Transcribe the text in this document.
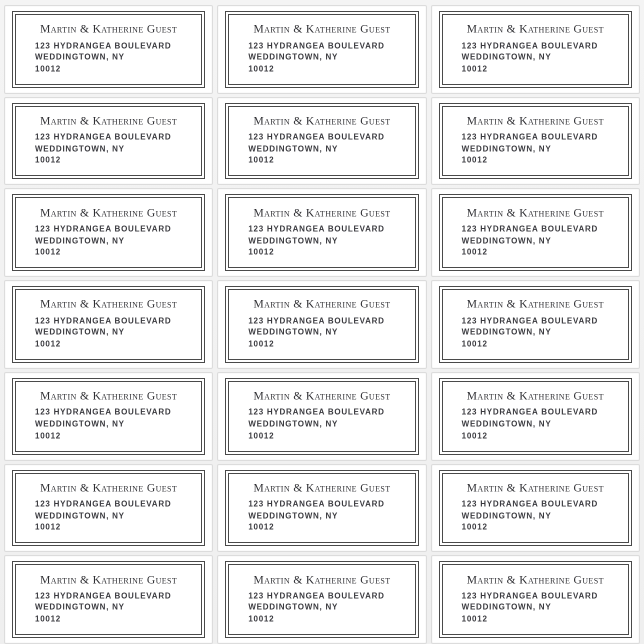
Martin & Katherine Guest
123 HYDRANGEA BOULEVARD
WEDDINGTOWN, NY
10012
Martin & Katherine Guest
123 HYDRANGEA BOULEVARD
WEDDINGTOWN, NY
10012
Martin & Katherine Guest
123 HYDRANGEA BOULEVARD
WEDDINGTOWN, NY
10012
Martin & Katherine Guest
123 HYDRANGEA BOULEVARD
WEDDINGTOWN, NY
10012
Martin & Katherine Guest
123 HYDRANGEA BOULEVARD
WEDDINGTOWN, NY
10012
Martin & Katherine Guest
123 HYDRANGEA BOULEVARD
WEDDINGTOWN, NY
10012
Martin & Katherine Guest
123 HYDRANGEA BOULEVARD
WEDDINGTOWN, NY
10012
Martin & Katherine Guest
123 HYDRANGEA BOULEVARD
WEDDINGTOWN, NY
10012
Martin & Katherine Guest
123 HYDRANGEA BOULEVARD
WEDDINGTOWN, NY
10012
Martin & Katherine Guest
123 HYDRANGEA BOULEVARD
WEDDINGTOWN, NY
10012
Martin & Katherine Guest
123 HYDRANGEA BOULEVARD
WEDDINGTOWN, NY
10012
Martin & Katherine Guest
123 HYDRANGEA BOULEVARD
WEDDINGTOWN, NY
10012
Martin & Katherine Guest
123 HYDRANGEA BOULEVARD
WEDDINGTOWN, NY
10012
Martin & Katherine Guest
123 HYDRANGEA BOULEVARD
WEDDINGTOWN, NY
10012
Martin & Katherine Guest
123 HYDRANGEA BOULEVARD
WEDDINGTOWN, NY
10012
Martin & Katherine Guest
123 HYDRANGEA BOULEVARD
WEDDINGTOWN, NY
10012
Martin & Katherine Guest
123 HYDRANGEA BOULEVARD
WEDDINGTOWN, NY
10012
Martin & Katherine Guest
123 HYDRANGEA BOULEVARD
WEDDINGTOWN, NY
10012
Martin & Katherine Guest
123 HYDRANGEA BOULEVARD
WEDDINGTOWN, NY
10012
Martin & Katherine Guest
123 HYDRANGEA BOULEVARD
WEDDINGTOWN, NY
10012
Martin & Katherine Guest
123 HYDRANGEA BOULEVARD
WEDDINGTOWN, NY
10012
